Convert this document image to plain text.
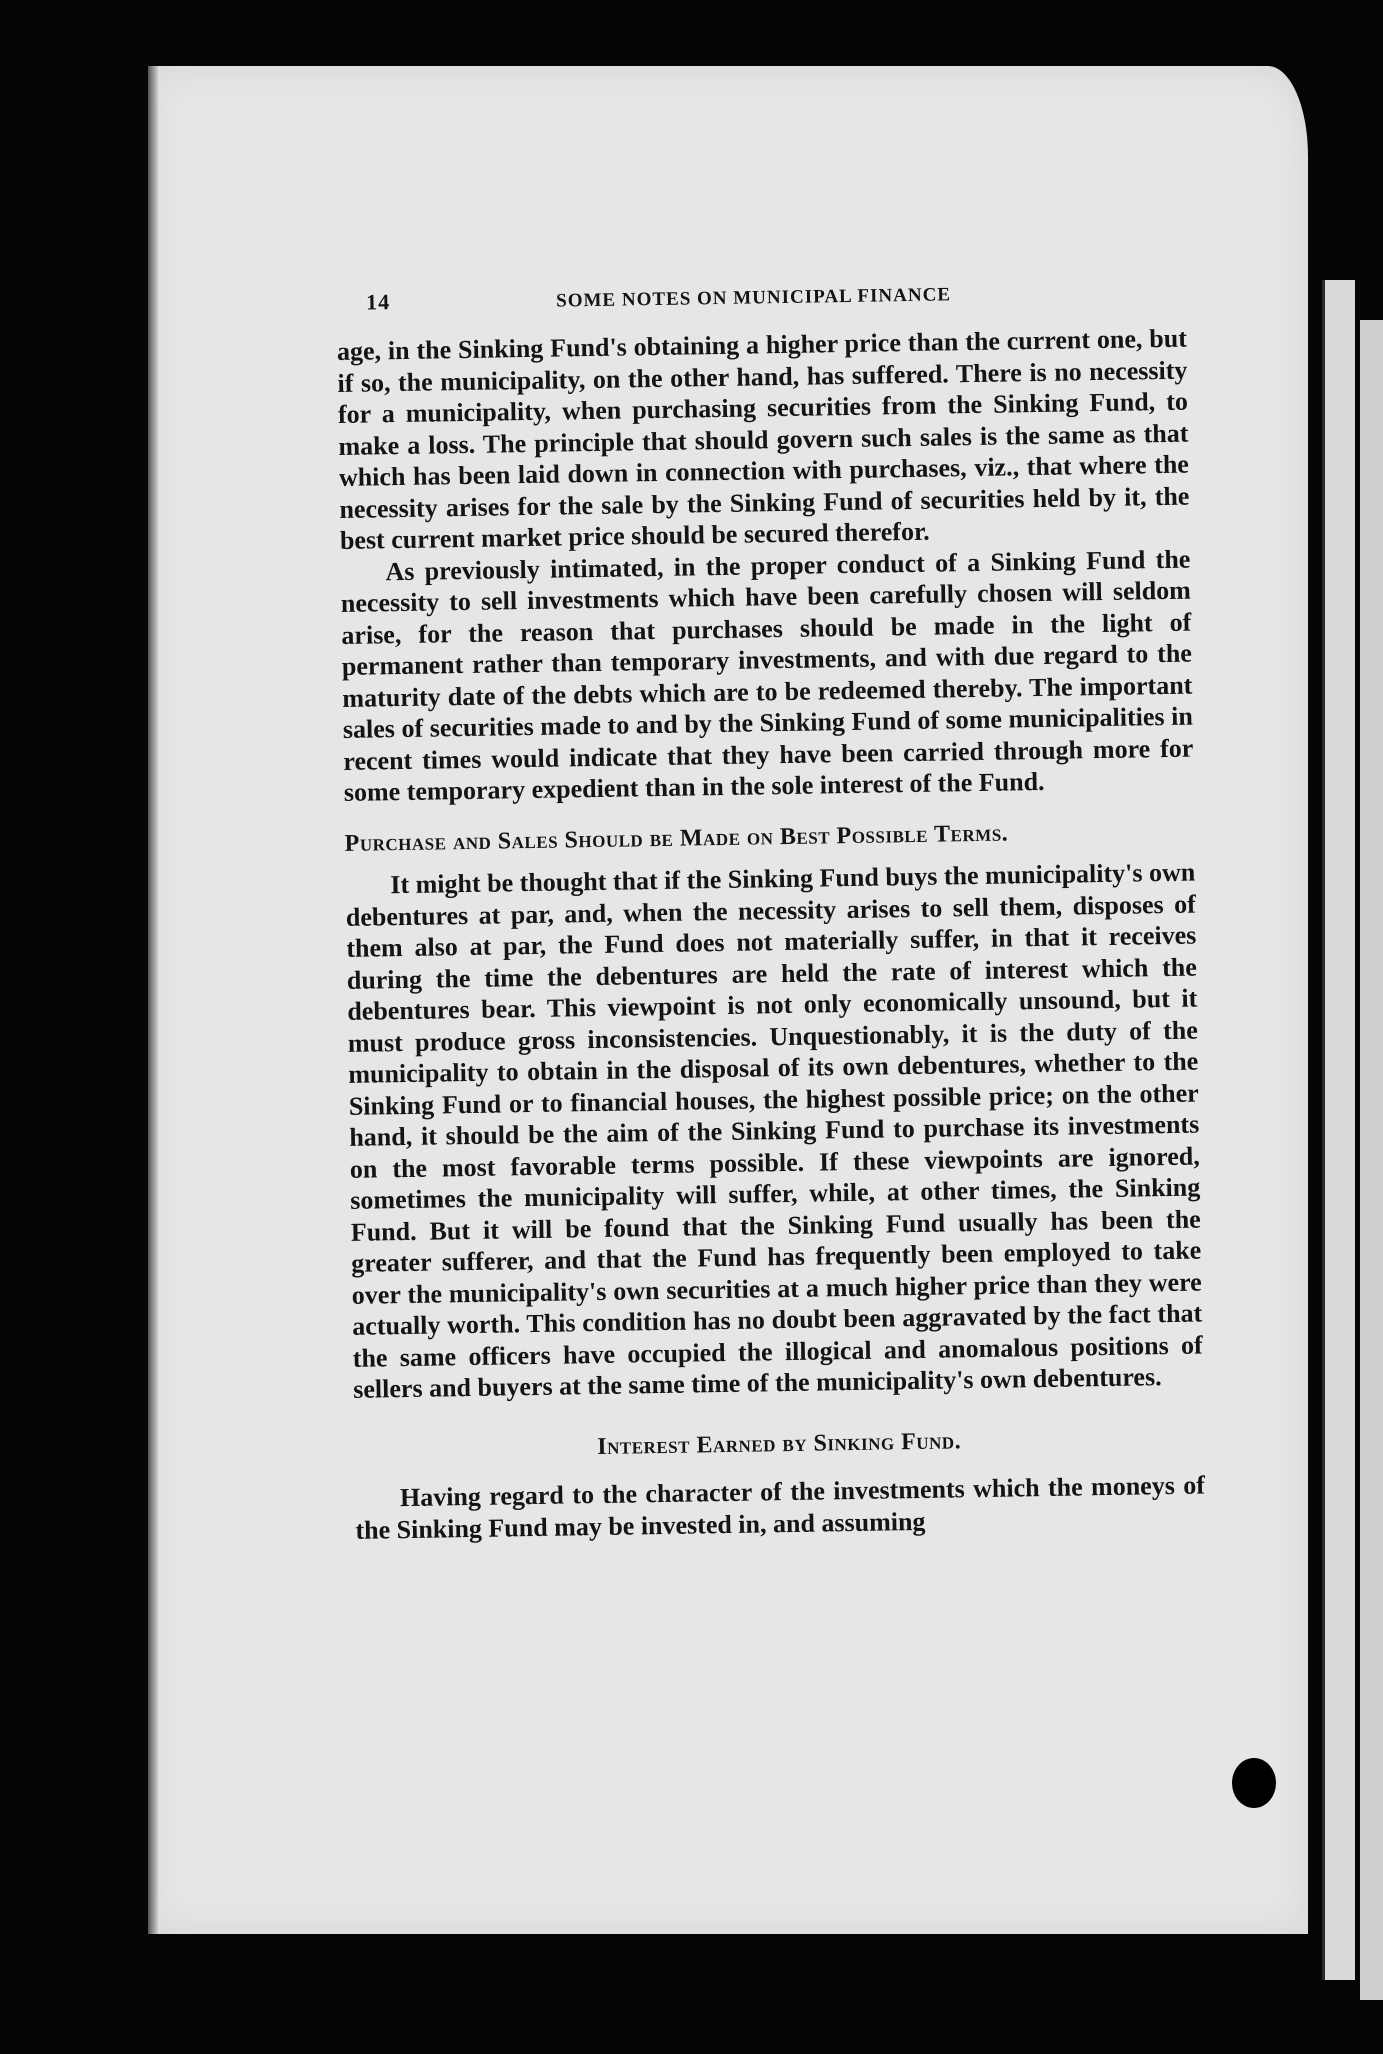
14	SOME NOTES ON MUNICIPAL FINANCE

age, in the Sinking Fund's obtaining a higher price than the current one, but if so, the municipality, on the other hand, has suffered. There is no necessity for a municipality, when purchasing securities from the Sinking Fund, to make a loss. The principle that should govern such sales is the same as that which has been laid down in connection with purchases, viz., that where the necessity arises for the sale by the Sinking Fund of securities held by it, the best current market price should be secured therefor.

As previously intimated, in the proper conduct of a Sinking Fund the necessity to sell investments which have been carefully chosen will seldom arise, for the reason that purchases should be made in the light of permanent rather than temporary investments, and with due regard to the maturity date of the debts which are to be redeemed thereby. The important sales of securities made to and by the Sinking Fund of some municipalities in recent times would indicate that they have been carried through more for some temporary expedient than in the sole interest of the Fund.

Purchase and Sales Should be Made on Best Possible Terms.

It might be thought that if the Sinking Fund buys the municipality's own debentures at par, and, when the necessity arises to sell them, disposes of them also at par, the Fund does not materially suffer, in that it receives during the time the debentures are held the rate of interest which the debentures bear. This viewpoint is not only economically unsound, but it must produce gross inconsistencies. Unquestionably, it is the duty of the municipality to obtain in the disposal of its own debentures, whether to the Sinking Fund or to financial houses, the highest possible price; on the other hand, it should be the aim of the Sinking Fund to purchase its investments on the most favorable terms possible. If these viewpoints are ignored, sometimes the municipality will suffer, while, at other times, the Sinking Fund. But it will be found that the Sinking Fund usually has been the greater sufferer, and that the Fund has frequently been employed to take over the municipality's own securities at a much higher price than they were actually worth. This condition has no doubt been aggravated by the fact that the same officers have occupied the illogical and anomalous positions of sellers and buyers at the same time of the municipality's own debentures.

Interest Earned by Sinking Fund.

Having regard to the character of the investments which the moneys of the Sinking Fund may be invested in, and assuming
